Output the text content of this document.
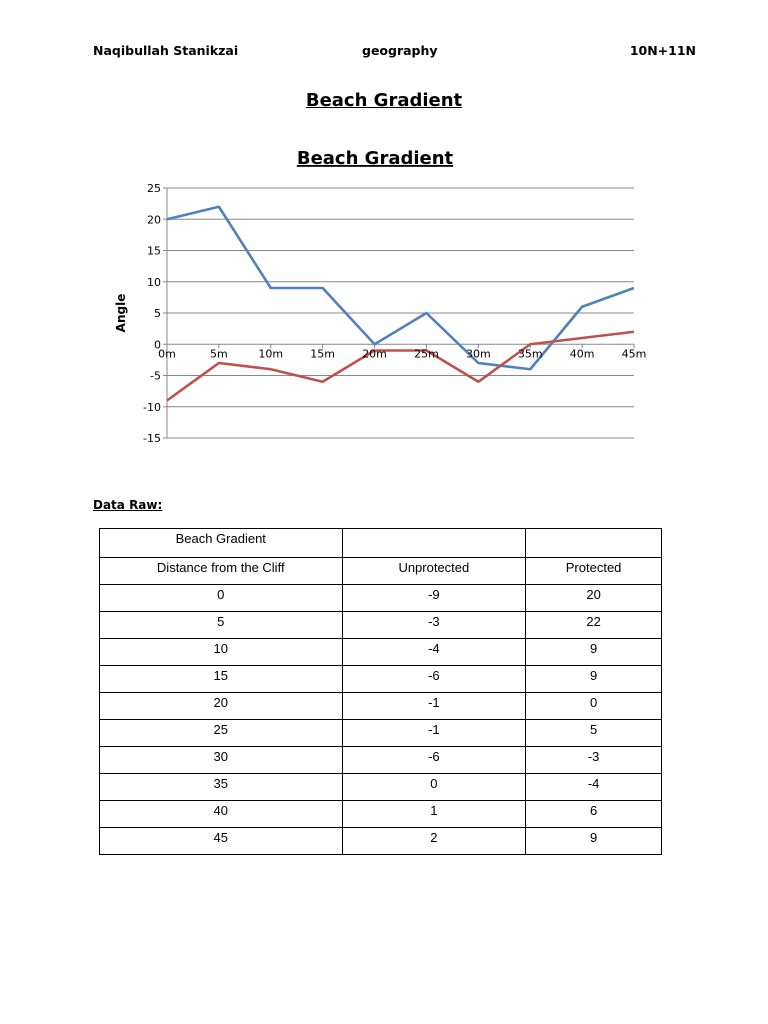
Naqibullah Stanikzai	geography	10N+11N
Beach Gradient
Beach Gradient
Angle
25
20
15
10
5
0
-5
-10
-15
0m	5m	10m 15m 20m 25m 30m 35m 40m 45m
Data Raw:
Beach Gradient		
Distance from the Cliff	Unprotected	Protected
0	-9	20
5	-3	22
10	-4	9
15	-6	9
20	-1	0
25	-1	5
30	-6	-3
35	0	-4
40	1	6
45	2	9
